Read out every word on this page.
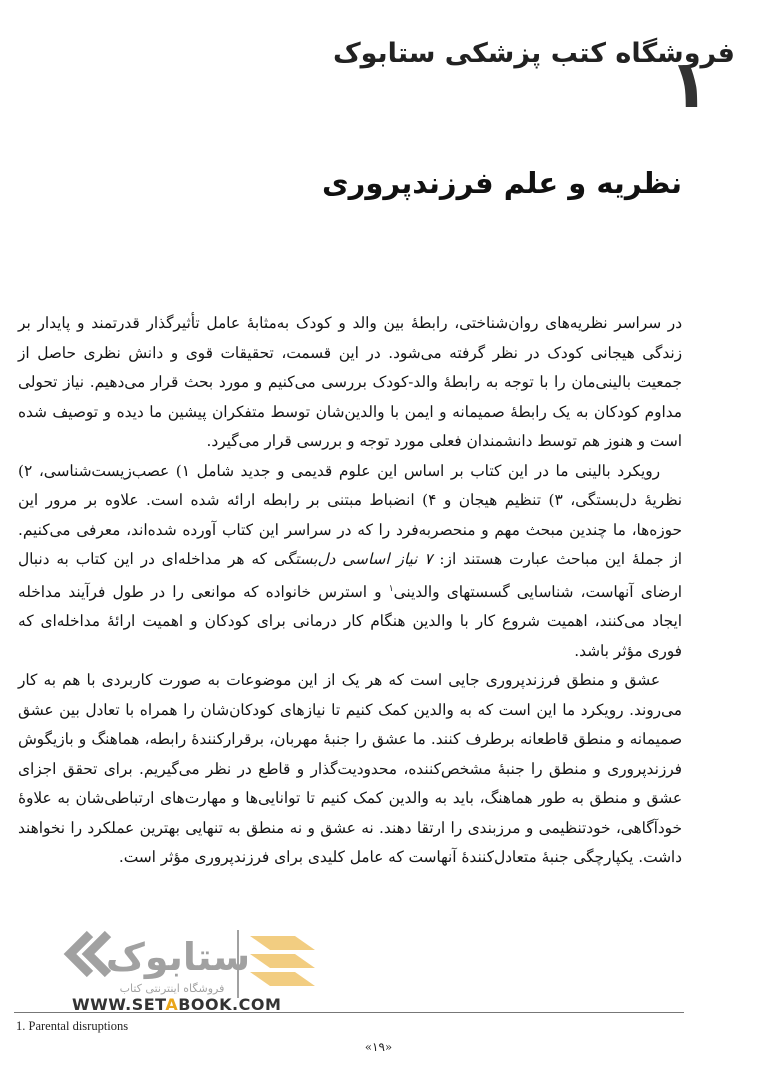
فروشگاه کتب پزشکی ستابوک
۱
نظریه و علم فرزندپروری

در سراسر نظریه‌های روان‌شناختی، رابطهٔ بین والد و کودک به‌مثابهٔ عامل تأثیرگذار قدرتمند و پایدار بر زندگی هیجانی کودک در نظر گرفته می‌شود. در این قسمت، تحقیقات قوی و دانش نظری حاصل از جمعیت بالینی‌مان را با توجه به رابطهٔ والد-کودک بررسی می‌کنیم و مورد بحث قرار می‌دهیم. نیاز تحولی مداوم کودکان به یک رابطهٔ صمیمانه و ایمن با والدین‌شان توسط متفکران پیشین ما دیده و توصیف شده است و هنوز هم توسط دانشمندان فعلی مورد توجه و بررسی قرار می‌گیرد.

رویکرد بالینی ما در این کتاب بر اساس این علوم قدیمی و جدید شامل ۱) عصب‌زیست‌شناسی، ۲) نظریهٔ دل‌بستگی، ۳) تنظیم هیجان و ۴) انضباط مبتنی بر رابطه ارائه شده است. علاوه بر مرور این حوزه‌ها، ما چندین مبحث مهم و منحصربه‌فرد را که در سراسر این کتاب آورده شده‌اند، معرفی می‌کنیم. از جملهٔ این مباحث عبارت هستند از: ۷ نیاز اساسی دل‌بستگی که هر مداخله‌ای در این کتاب به دنبال ارضای آنهاست، شناسایی گسستهای والدینی$^۱$ و استرس خانواده که موانعی را در طول فرآیند مداخله ایجاد می‌کنند، اهمیت شروع کار با والدین هنگام کار درمانی برای کودکان و اهمیت ارائهٔ مداخله‌ای که فوری مؤثر باشد.

عشق و منطق فرزندپروری جایی است که هر یک از این موضوعات به صورت کاربردی با هم به کار می‌روند. رویکرد ما این است که به والدین کمک کنیم تا نیازهای کودکان‌شان را همراه با تعادل بین عشق صمیمانه و منطق قاطعانه برطرف کنند. ما عشق را جنبهٔ مهربان، برقرارکنندهٔ رابطه، هماهنگ و بازیگوش فرزندپروری و منطق را جنبهٔ مشخص‌کننده، محدودیت‌گذار و قاطع در نظر می‌گیریم. برای تحقق اجزای عشق و منطق به طور هماهنگ، باید به والدین کمک کنیم تا توانایی‌ها و مهارت‌های ارتباطی‌شان به علاوهٔ خودآگاهی، خودتنظیمی و مرزبندی را ارتقا دهند. نه عشق و نه منطق به تنهایی بهترین عملکرد را نخواهند داشت. یکپارچگی جنبهٔ متعادل‌کنندهٔ آنهاست که عامل کلیدی برای فرزندپروری مؤثر است.

ستابوک
فروشگاه اینترنتی کتاب
WWW.SETABOOK.COM
1. Parental disruptions
«۱۹»
